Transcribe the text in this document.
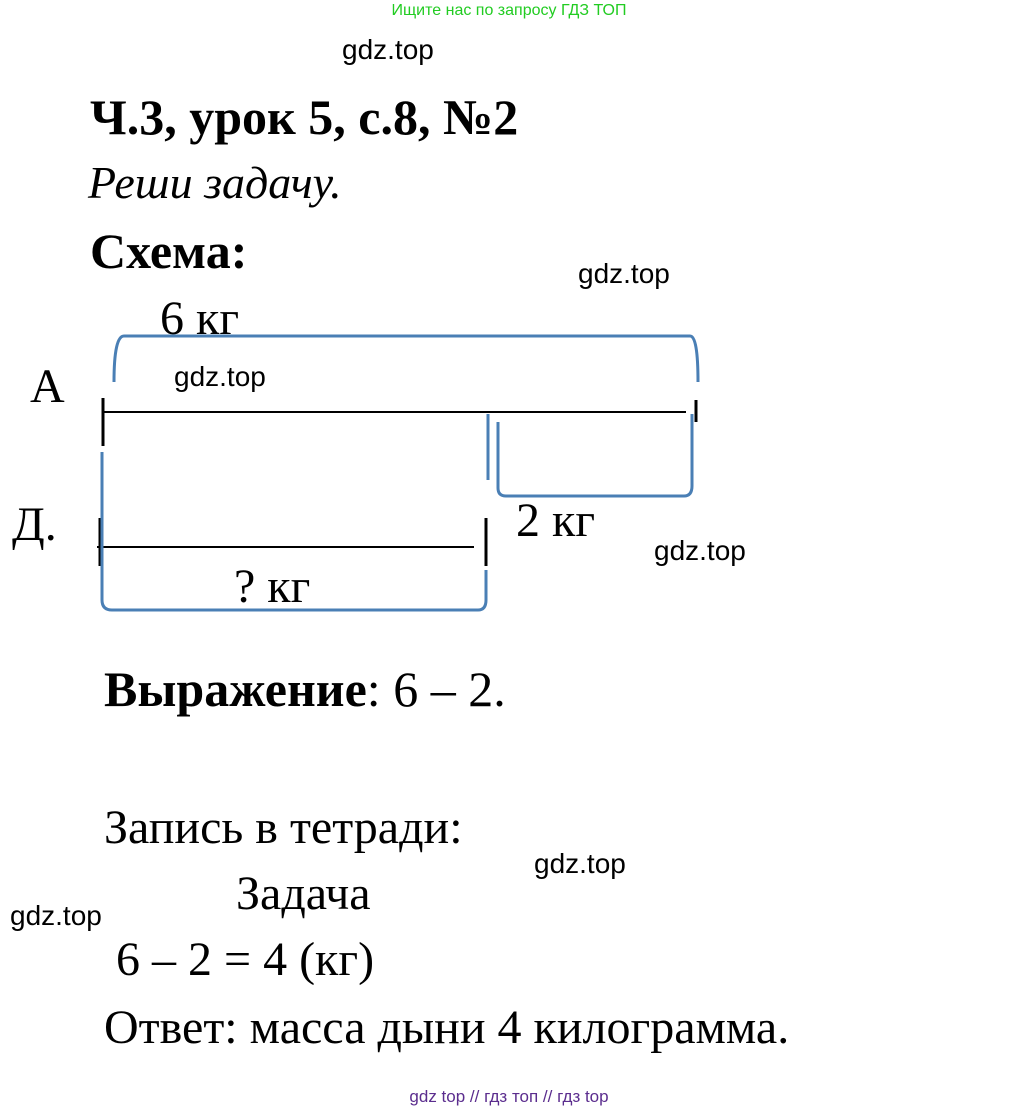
Ищите нас по запросу ГДЗ ТОП
gdz.top
Ч.3, урок 5, с.8, №2
Реши задачу.
Схема:	gdz.top
6 кг
gdz.top
А
2 кг
Д.
? кг
gdz.top
Выражение: 6 – 2.
Запись в тетради:
gdz.top
Задача
gdz.top
6 – 2 = 4 (кг)
Ответ: масса дыни 4 килограмма.
gdz top // гдз топ // гдз top
